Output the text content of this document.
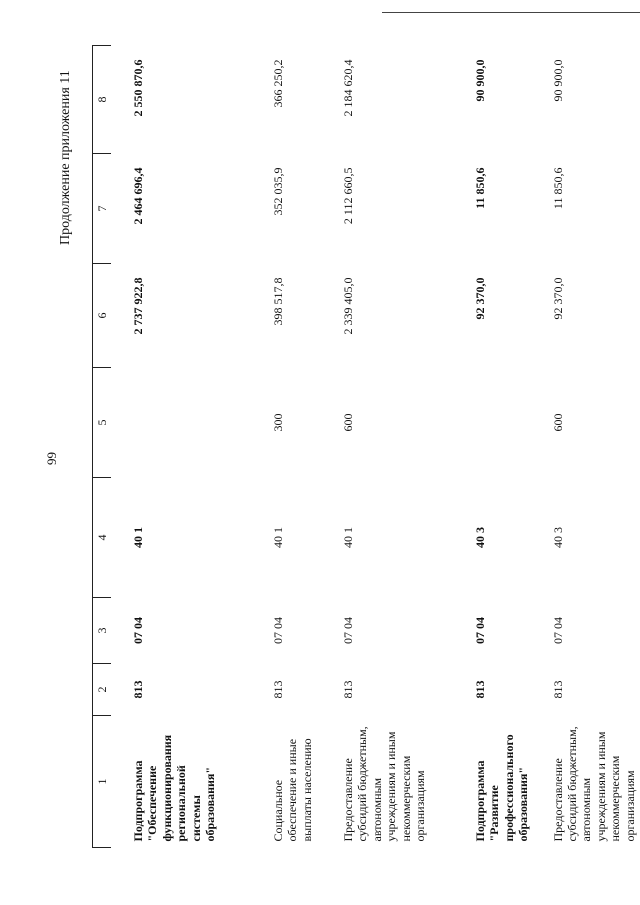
99
Продолжение приложения 11
1	2	3	4	5	6	7	8
Подпрограмма "Обеспечение функционирования региональной системы образования"	813	07 04	40 1		2 737 922,8	2 464 696,4	2 550 870,6
Социальное обеспечение и иные выплаты населению	813	07 04	40 1	300	398 517,8	352 035,9	366 250,2
Предоставление субсидий бюджетным, автономным учреждениям и иным некоммерческим организациям	813	07 04	40 1	600	2 339 405,0	2 112 660,5	2 184 620,4
Подпрограмма "Развитие профессионального образования"	813	07 04	40 3		92 370,0	11 850,6	90 900,0
Предоставление субсидий бюджетным, автономным учреждениям и иным некоммерческим организациям	813	07 04	40 3	600	92 370,0	11 850,6	90 900,0
